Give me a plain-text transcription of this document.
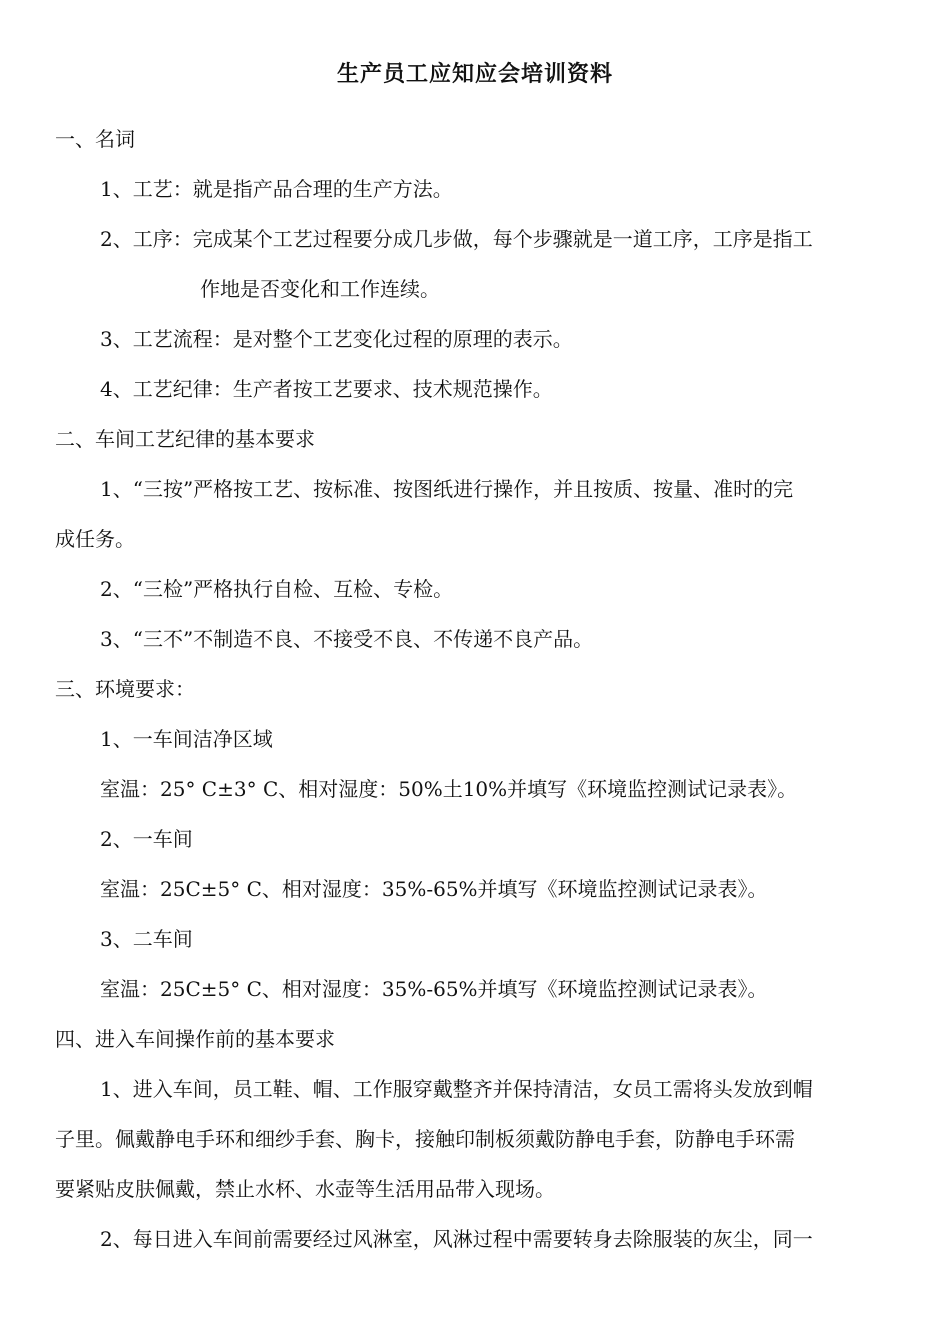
生产员工应知应会培训资料
一、名词
1、工艺：就是指产品合理的生产方法。
2、工序：完成某个工艺过程要分成几步做，每个步骤就是一道工序，工序是指工
作地是否变化和工作连续。
3、工艺流程：是对整个工艺变化过程的原理的表示。
4、工艺纪律：生产者按工艺要求、技术规范操作。
二、车间工艺纪律的基本要求
1、“三按”严格按工艺、按标准、按图纸进行操作，并且按质、按量、准时的完
成任务。
2、“三检”严格执行自检、互检、专检。
3、“三不”不制造不良、不接受不良、不传递不良产品。
三、环境要求：
1、一车间洁净区域
室温：25° C±3° C、相对湿度：50%土10%并填写《环境监控测试记录表》。
2、一车间
室温：25C±5° C、相对湿度：35%-65%并填写《环境监控测试记录表》。
3、二车间
室温：25C±5° C、相对湿度：35%-65%并填写《环境监控测试记录表》。
四、进入车间操作前的基本要求
1、进入车间，员工鞋、帽、工作服穿戴整齐并保持清洁，女员工需将头发放到帽
子里。佩戴静电手环和细纱手套、胸卡，接触印制板须戴防静电手套，防静电手环需
要紧贴皮肤佩戴，禁止水杯、水壶等生活用品带入现场。
2、每日进入车间前需要经过风淋室，风淋过程中需要转身去除服装的灰尘，同一
